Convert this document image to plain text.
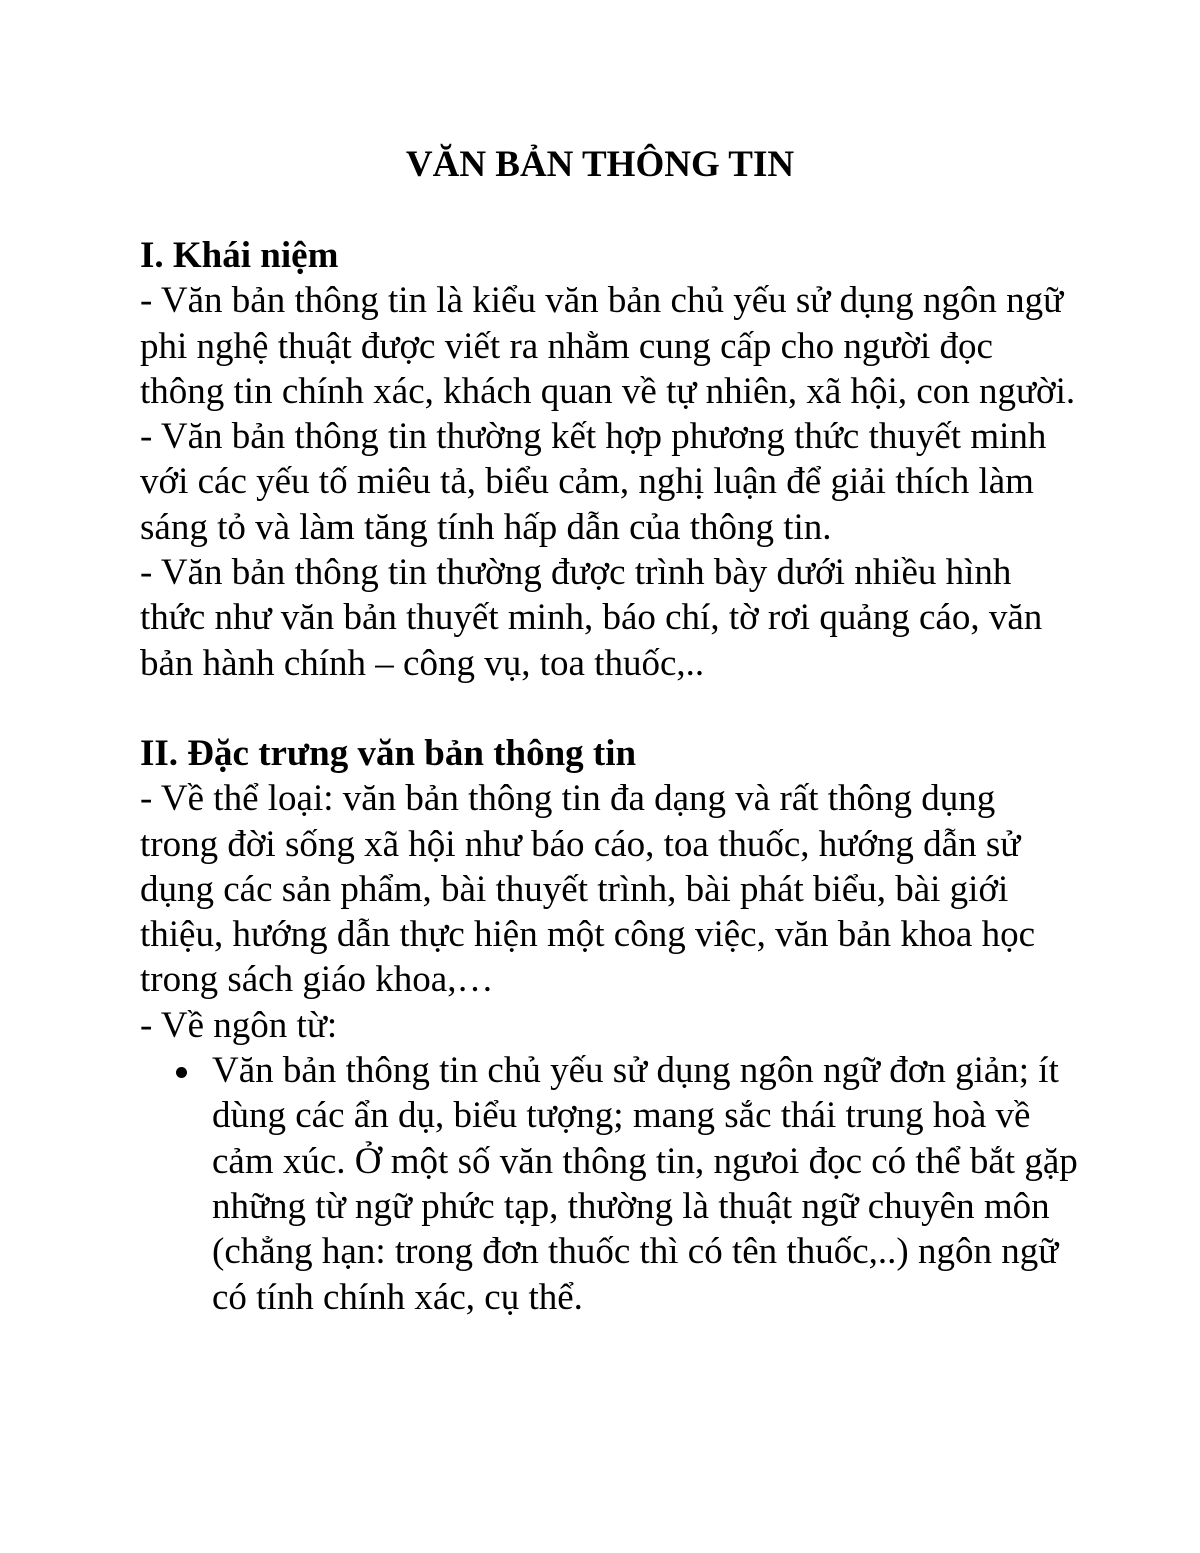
VĂN BẢN THÔNG TIN
I. Khái niệm

- Văn bản thông tin là kiểu văn bản chủ yếu sử dụng ngôn ngữ phi nghệ thuật được viết ra nhằm cung cấp cho người đọc thông tin chính xác, khách quan về tự nhiên, xã hội, con người.

- Văn bản thông tin thường kết hợp phương thức thuyết minh với các yếu tố miêu tả, biểu cảm, nghị luận để giải thích làm sáng tỏ và làm tăng tính hấp dẫn của thông tin.

- Văn bản thông tin thường được trình bày dưới nhiều hình thức như văn bản thuyết minh, báo chí, tờ rơi quảng cáo, văn bản hành chính – công vụ, toa thuốc,..

II. Đặc trưng văn bản thông tin

- Về thể loại: văn bản thông tin đa dạng và rất thông dụng trong đời sống xã hội như báo cáo, toa thuốc, hướng dẫn sử dụng các sản phẩm, bài thuyết trình, bài phát biểu, bài giới thiệu, hướng dẫn thực hiện một công việc, văn bản khoa học trong sách giáo khoa,…

- Về ngôn từ:

Văn bản thông tin chủ yếu sử dụng ngôn ngữ đơn giản; ít dùng các ẩn dụ, biểu tượng; mang sắc thái trung hoà về cảm xúc. Ở một số văn thông tin, ngưoi đọc có thể bắt gặp những từ ngữ phức tạp, thường là thuật ngữ chuyên môn (chẳng hạn: trong đơn thuốc thì có tên thuốc,..) ngôn ngữ có tính chính xác, cụ thể.
